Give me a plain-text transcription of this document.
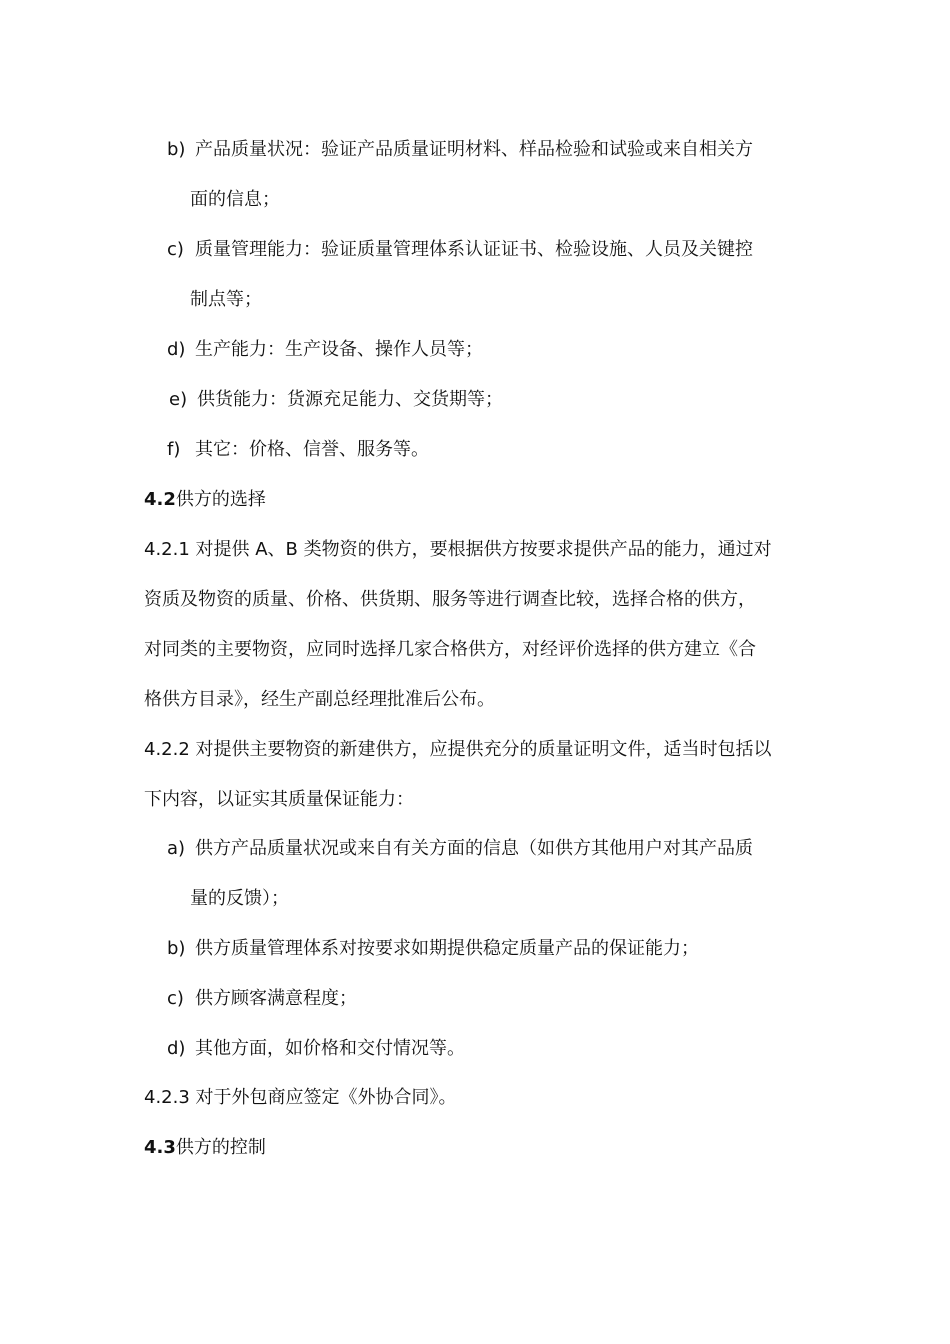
b) 产品质量状况：验证产品质量证明材料、样品检验和试验或来自相关方
面的信息；
c) 质量管理能力：验证质量管理体系认证证书、检验设施、人员及关键控
制点等；
d) 生产能力：生产设备、操作人员等；
e) 供货能力：货源充足能力、交货期等；
f) 其它：价格、信誉、服务等。
4.2供方的选择
4.2.1 对提供 A、B 类物资的供方，要根据供方按要求提供产品的能力，通过对
资质及物资的质量、价格、供货期、服务等进行调查比较，选择合格的供方，
对同类的主要物资，应同时选择几家合格供方，对经评价选择的供方建立《合
格供方目录》，经生产副总经理批准后公布。
4.2.2 对提供主要物资的新建供方，应提供充分的质量证明文件，适当时包括以
下内容，以证实其质量保证能力：
a) 供方产品质量状况或来自有关方面的信息（如供方其他用户对其产品质
量的反馈）；
b) 供方质量管理体系对按要求如期提供稳定质量产品的保证能力；
c) 供方顾客满意程度；
d) 其他方面，如价格和交付情况等。
4.2.3 对于外包商应签定《外协合同》。
4.3供方的控制
